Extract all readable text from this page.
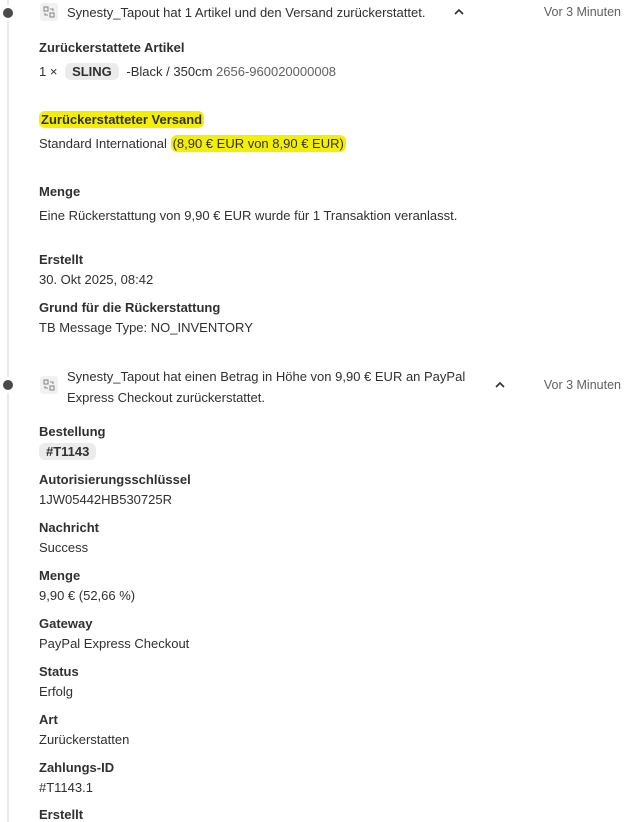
Synesty_Tapout hat 1 Artikel und den Versand zurückerstattet.	Vor 3 Minuten
Zurückerstattete Artikel
1 × SLING -Black / 350cm 2656-960020000008
Zurückerstatteter Versand
Standard International (8,90 € EUR von 8,90 € EUR)
Menge
Eine Rückerstattung von 9,90 € EUR wurde für 1 Transaktion veranlasst.
Erstellt
30. Okt 2025, 08:42
Grund für die Rückerstattung
TB Message Type: NO_INVENTORY
Synesty_Tapout hat einen Betrag in Höhe von 9,90 € EUR an PayPal
Express Checkout zurückerstattet.
Vor 3 Minuten
Bestellung
#T1143
Autorisierungsschlüssel
1JW05442HB530725R
Nachricht
Success
Menge
9,90 € (52,66 %)
Gateway
PayPal Express Checkout
Status
Erfolg
Art
Zurückerstatten
Zahlungs-ID
#T1143.1
Erstellt
